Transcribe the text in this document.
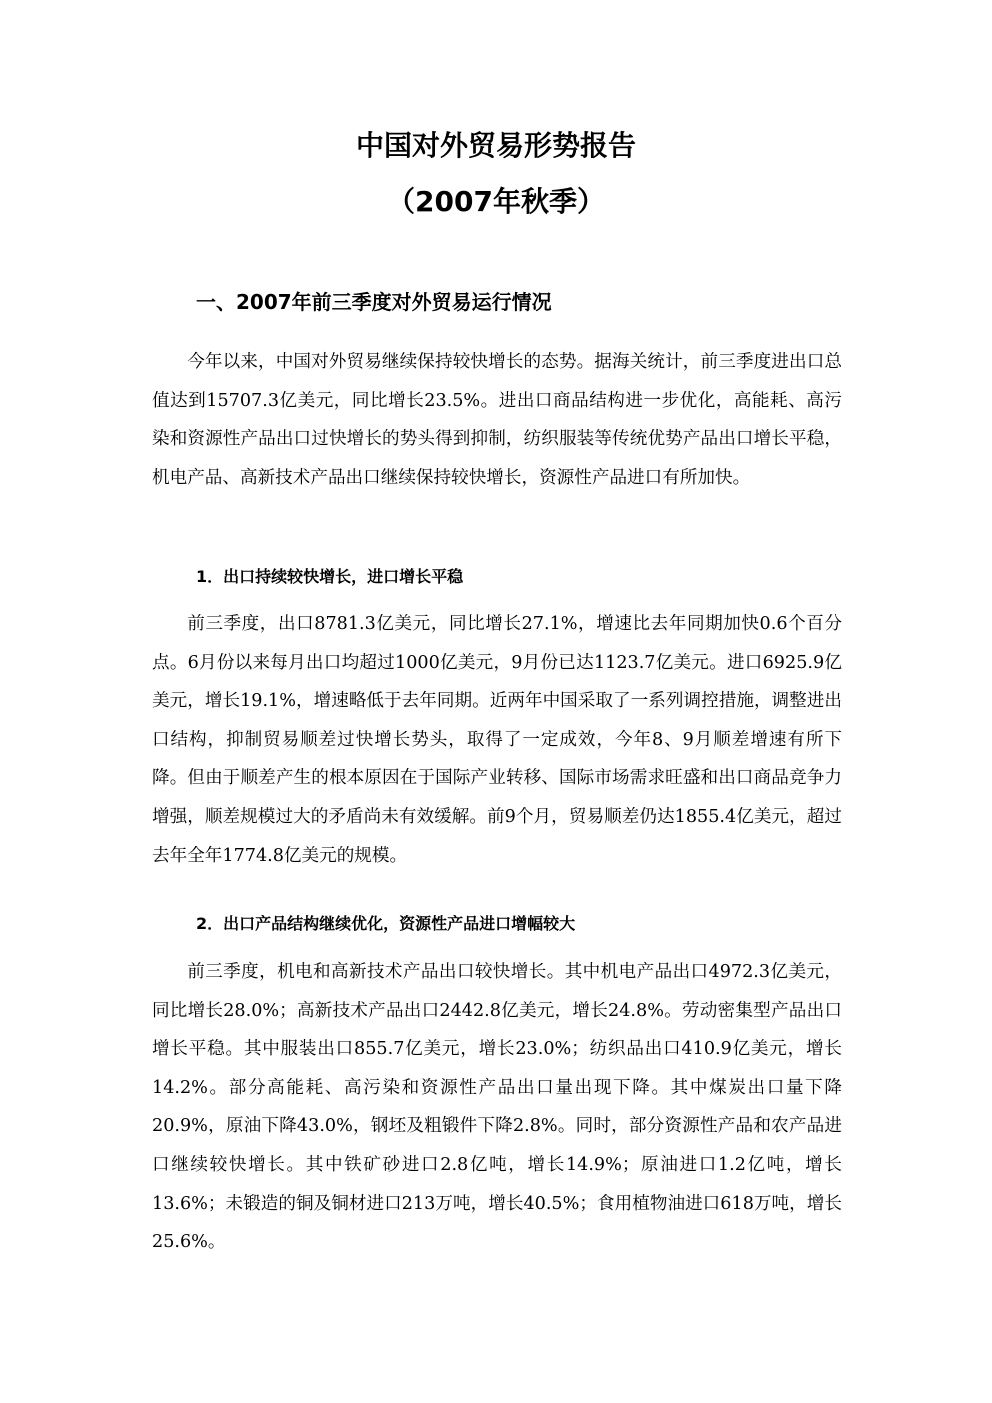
中国对外贸易形势报告
（2007年秋季）
一、2007年前三季度对外贸易运行情况

今年以来，中国对外贸易继续保持较快增长的态势。据海关统计，前三季度进出口总值达到15707.3亿美元，同比增长23.5%。进出口商品结构进一步优化，高能耗、高污染和资源性产品出口过快增长的势头得到抑制，纺织服装等传统优势产品出口增长平稳，机电产品、高新技术产品出口继续保持较快增长，资源性产品进口有所加快。

1．出口持续较快增长，进口增长平稳

前三季度，出口8781.3亿美元，同比增长27.1%，增速比去年同期加快0.6个百分点。6月份以来每月出口均超过1000亿美元，9月份已达1123.7亿美元。进口6925.9亿美元，增长19.1%，增速略低于去年同期。近两年中国采取了一系列调控措施，调整进出口结构，抑制贸易顺差过快增长势头，取得了一定成效，今年8、9月顺差增速有所下降。但由于顺差产生的根本原因在于国际产业转移、国际市场需求旺盛和出口商品竞争力增强，顺差规模过大的矛盾尚未有效缓解。前9个月，贸易顺差仍达1855.4亿美元，超过去年全年1774.8亿美元的规模。

2．出口产品结构继续优化，资源性产品进口增幅较大

前三季度，机电和高新技术产品出口较快增长。其中机电产品出口4972.3亿美元，同比增长28.0%；高新技术产品出口2442.8亿美元，增长24.8%。劳动密集型产品出口增长平稳。其中服装出口855.7亿美元，增长23.0%；纺织品出口410.9亿美元，增长14.2%。部分高能耗、高污染和资源性产品出口量出现下降。其中煤炭出口量下降20.9%，原油下降43.0%，钢坯及粗锻件下降2.8%。同时，部分资源性产品和农产品进口继续较快增长。其中铁矿砂进口2.8亿吨，增长14.9%；原油进口1.2亿吨，增长13.6%；未锻造的铜及铜材进口213万吨，增长40.5%；食用植物油进口618万吨，增长25.6%。
